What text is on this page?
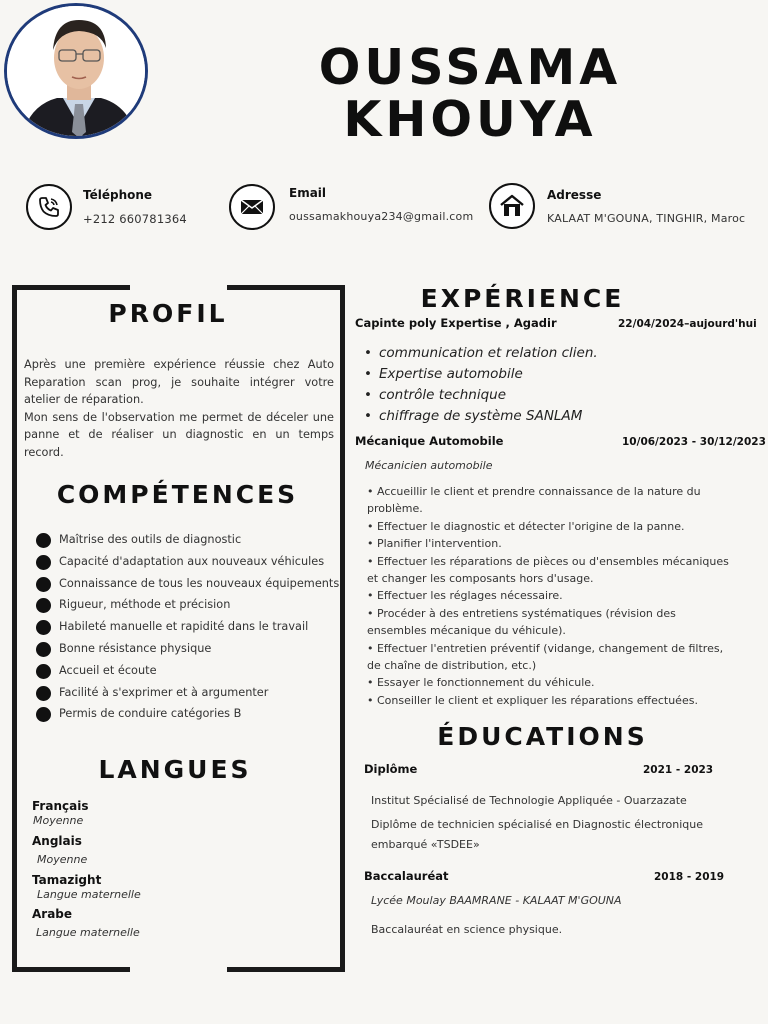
OUSSAMA
KHOUYA
Téléphone
+212 660781364
Email
oussamakhouya234@gmail.com
Adresse
KALAAT M'GOUNA, TINGHIR, Maroc
PROFIL
Après une première expérience réussie chez Auto Reparation scan prog, je souhaite intégrer votre atelier de réparation.
Mon sens de l'observation me permet de déceler une panne et de réaliser un diagnostic en un temps record.
COMPÉTENCES
Maîtrise des outils de diagnostic
Capacité d'adaptation aux nouveaux véhicules
Connaissance de tous les nouveaux équipements
Rigueur, méthode et précision
Habileté manuelle et rapidité dans le travail
Bonne résistance physique
Accueil et écoute
Facilité à s'exprimer et à argumenter
Permis de conduire catégories B
LANGUES
Français
Moyenne
Anglais
Moyenne
Tamazight
Langue maternelle
Arabe
Langue maternelle
EXPÉRIENCE
Capinte poly Expertise , Agadir	22/04/2024–aujourd'hui
• communication et relation clien.
• Expertise automobile
• contrôle technique
• chiffrage de système SANLAM
Mécanique Automobile	10/06/2023 - 30/12/2023
Mécanicien automobile
• Accueillir le client et prendre connaissance de la nature du problème.
• Effectuer le diagnostic et détecter l'origine de la panne.
• Planifier l'intervention.
• Effectuer les réparations de pièces ou d'ensembles mécaniques et changer les composants hors d'usage.
• Effectuer les réglages nécessaire.
• Procéder à des entretiens systématiques (révision des ensembles mécanique du véhicule).
• Effectuer l'entretien préventif (vidange, changement de filtres, de chaîne de distribution, etc.)
• Essayer le fonctionnement du véhicule.
• Conseiller le client et expliquer les réparations effectuées.
ÉDUCATIONS
Diplôme	2021 - 2023
Institut Spécialisé de Technologie Appliquée - Ouarzazate
Diplôme de technicien spécialisé en Diagnostic électronique embarqué «TSDEE»
Baccalauréat	2018 - 2019
Lycée Moulay BAAMRANE - KALAAT M'GOUNA
Baccalauréat en science physique.
